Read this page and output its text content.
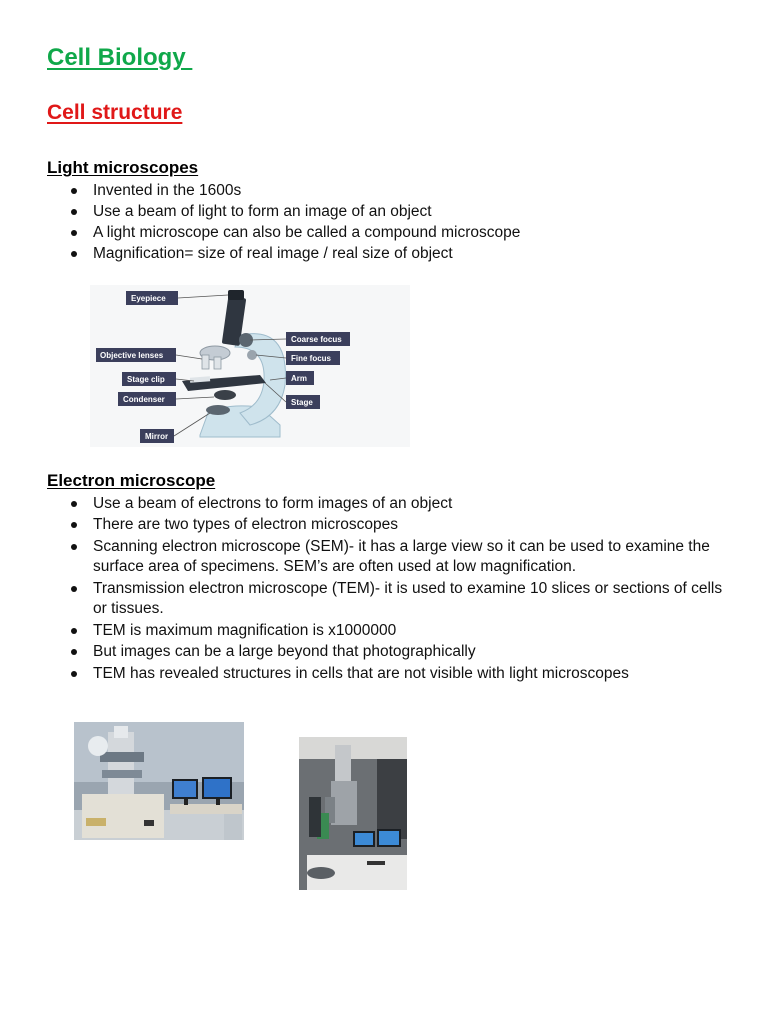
Cell Biology
Cell structure
Light microscopes
Invented in the 1600s
Use a beam of light to form an image of an object
A light microscope can also be called a compound microscope
Magnification= size of real image / real size of object
Eyepiece
Objective lenses
Stage clip
Condenser
Mirror
Coarse focus
Fine focus
Arm
Stage
Electron microscope
Use a beam of electrons to form images of an object
There are two types of electron microscopes
Scanning electron microscope (SEM)- it has a large view so it can be used to examine the surface area of specimens. SEM’s are often used at low magnification.
Transmission electron microscope (TEM)- it is used to examine 10 slices or sections of cells or tissues.
TEM is maximum magnification is x1000000
But images can be a large beyond that photographically
TEM has revealed structures in cells that are not visible with light microscopes
